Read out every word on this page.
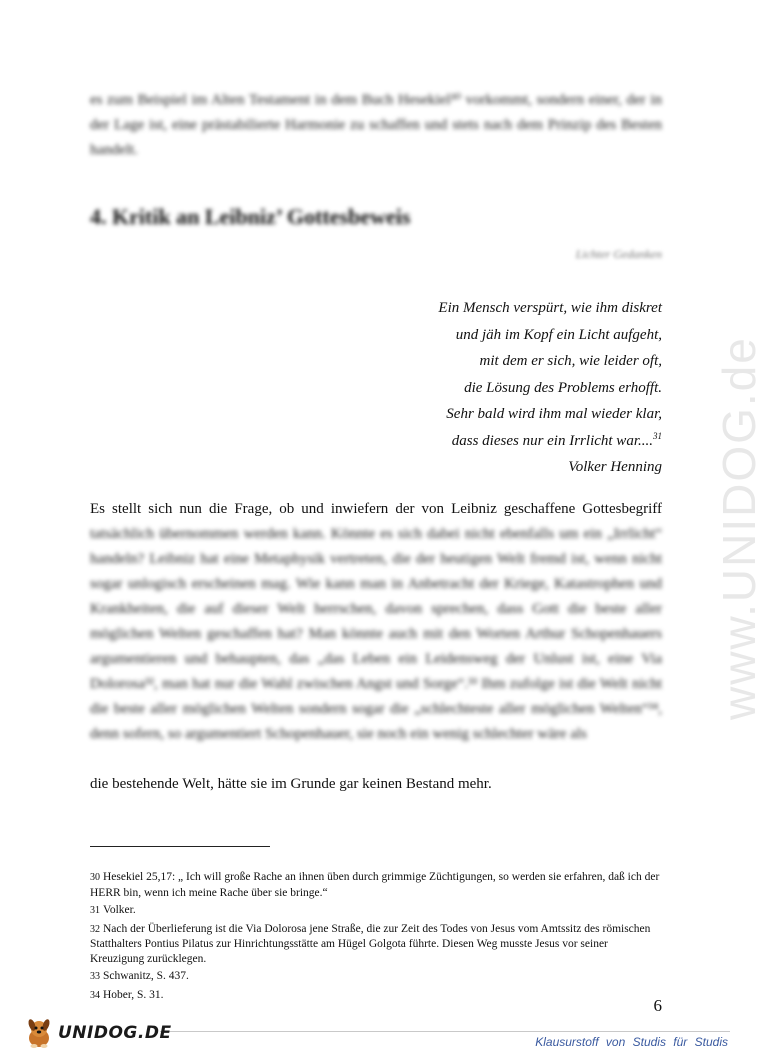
www.UNIDOG.de
es zum Beispiel im Alten Testament in dem Buch Hesekiel³⁰ vorkommt, sondern einer, der in der Lage ist, eine prästabilierte Harmonie zu schaffen und stets nach dem Prinzip des Besten handelt.
4. Kritik an Leibniz’ Gottesbeweis
Lichter Gedanken
Ein Mensch verspürt, wie ihm diskret
und jäh im Kopf ein Licht aufgeht,
mit dem er sich, wie leider oft,
die Lösung des Problems erhofft.
Sehr bald wird ihm mal wieder klar,
dass dieses nur ein Irrlicht war....$^{31}$
Volker Henning
Es stellt sich nun die Frage, ob und inwiefern der von Leibniz geschaffene Gottesbegriff
tatsächlich übernommen werden kann. Könnte es sich dabei nicht ebenfalls um ein „Irrlicht“ handeln? Leibniz hat eine Metaphysik vertreten, die der heutigen Welt fremd ist, wenn nicht sogar unlogisch erscheinen mag. Wie kann man in Anbetracht der Kriege, Katastrophen und Krankheiten, die auf dieser Welt herrschen, davon sprechen, dass Gott die beste aller möglichen Welten geschaffen hat? Man könnte auch mit den Worten Arthur Schopenhauers argumentieren und behaupten, das „das Leben ein Leidensweg der Unlust ist, eine Via Dolorosa³², man hat nur die Wahl zwischen Angst und Sorge“.³³ Ihm zufolge ist die Welt nicht die beste aller möglichen Welten sondern sogar die „schlechteste aller möglichen Welten“³⁴, denn sofern, so argumentiert Schopenhauer, sie noch ein wenig schlechter wäre als
die bestehende Welt, hätte sie im Grunde gar keinen Bestand mehr.
30 Hesekiel 25,17: „ Ich will große Rache an ihnen üben durch grimmige Züchtigungen, so werden sie erfahren, daß ich der HERR bin, wenn ich meine Rache über sie bringe.“
31 Volker.
32 Nach der Überlieferung ist die Via Dolorosa jene Straße, die zur Zeit des Todes von Jesus vom Amtssitz des römischen Statthalters Pontius Pilatus zur Hinrichtungsstätte am Hügel Golgota führte. Diesen Weg musste Jesus vor seiner Kreuzigung zurücklegen.
33 Schwanitz, S. 437.
34 Hober, S. 31.
6
UNIDOG.DE	Klausurstoff von Studis für Studis
